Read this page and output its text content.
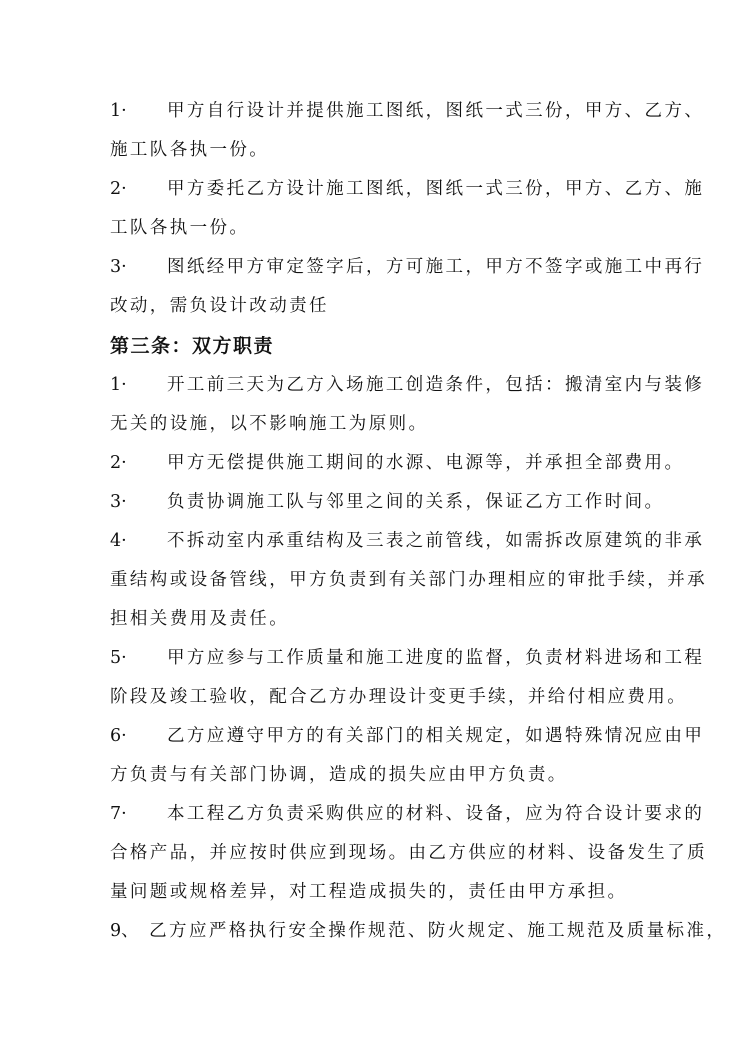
1· 甲方自行设计并提供施工图纸，图纸一式三份，甲方、乙方、
施工队各执一份。
2· 甲方委托乙方设计施工图纸，图纸一式三份，甲方、乙方、施
工队各执一份。
3· 图纸经甲方审定签字后，方可施工，甲方不签字或施工中再行
改动，需负设计改动责任
第三条：双方职责
1· 开工前三天为乙方入场施工创造条件，包括：搬清室内与装修
无关的设施，以不影响施工为原则。
2· 甲方无偿提供施工期间的水源、电源等，并承担全部费用。
3· 负责协调施工队与邻里之间的关系，保证乙方工作时间。
4· 不拆动室内承重结构及三表之前管线，如需拆改原建筑的非承
重结构或设备管线，甲方负责到有关部门办理相应的审批手续，并承
担相关费用及责任。
5· 甲方应参与工作质量和施工进度的监督，负责材料进场和工程
阶段及竣工验收，配合乙方办理设计变更手续，并给付相应费用。
6· 乙方应遵守甲方的有关部门的相关规定，如遇特殊情况应由甲
方负责与有关部门协调，造成的损失应由甲方负责。
7· 本工程乙方负责采购供应的材料、设备，应为符合设计要求的
合格产品，并应按时供应到现场。由乙方供应的材料、设备发生了质
量问题或规格差异，对工程造成损失的，责任由甲方承担。
9、 乙方应严格执行安全操作规范、防火规定、施工规范及质量标准，
